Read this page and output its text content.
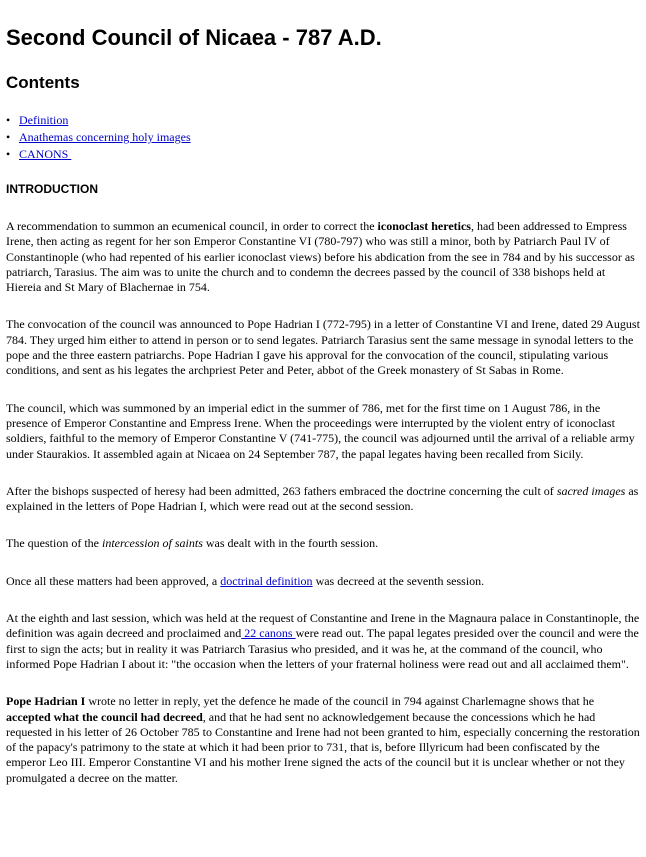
Second Council of Nicaea - 787 A.D.
Contents
• Definition
• Anathemas concerning holy images
• CANONS
INTRODUCTION

A recommendation to summon an ecumenical council, in order to correct the iconoclast heretics, had been addressed to Empress Irene, then acting as regent for her son Emperor Constantine VI (780-797) who was still a minor, both by Patriarch Paul IV of Constantinople (who had repented of his earlier iconoclast views) before his abdication from the see in 784 and by his successor as patriarch, Tarasius. The aim was to unite the church and to condemn the decrees passed by the council of 338 bishops held at Hiereia and St Mary of Blachernae in 754.

The convocation of the council was announced to Pope Hadrian I (772-795) in a letter of Constantine VI and Irene, dated 29 August 784. They urged him either to attend in person or to send legates. Patriarch Tarasius sent the same message in synodal letters to the pope and the three eastern patriarchs. Pope Hadrian I gave his approval for the convocation of the council, stipulating various conditions, and sent as his legates the archpriest Peter and Peter, abbot of the Greek monastery of St Sabas in Rome.

The council, which was summoned by an imperial edict in the summer of 786, met for the first time on 1 August 786, in the presence of Emperor Constantine and Empress Irene. When the proceedings were interrupted by the violent entry of iconoclast soldiers, faithful to the memory of Emperor Constantine V (741-775), the council was adjourned until the arrival of a reliable army under Staurakios. It assembled again at Nicaea on 24 September 787, the papal legates having been recalled from Sicily.

After the bishops suspected of heresy had been admitted, 263 fathers embraced the doctrine concerning the cult of sacred images as explained in the letters of Pope Hadrian I, which were read out at the second session.

The question of the intercession of saints was dealt with in the fourth session.

Once all these matters had been approved, a doctrinal definition was decreed at the seventh session.

At the eighth and last session, which was held at the request of Constantine and Irene in the Magnaura palace in Constantinople, the definition was again decreed and proclaimed and 22 canons were read out. The papal legates presided over the council and were the first to sign the acts; but in reality it was Patriarch Tarasius who presided, and it was he, at the command of the council, who informed Pope Hadrian I about it: "the occasion when the letters of your fraternal holiness were read out and all acclaimed them".

Pope Hadrian I wrote no letter in reply, yet the defence he made of the council in 794 against Charlemagne shows that he accepted what the council had decreed, and that he had sent no acknowledgement because the concessions which he had requested in his letter of 26 October 785 to Constantine and Irene had not been granted to him, especially concerning the restoration of the papacy's patrimony to the state at which it had been prior to 731, that is, before Illyricum had been confiscated by the emperor Leo III. Emperor Constantine VI and his mother Irene signed the acts of the council but it is unclear whether or not they promulgated a decree on the matter.
